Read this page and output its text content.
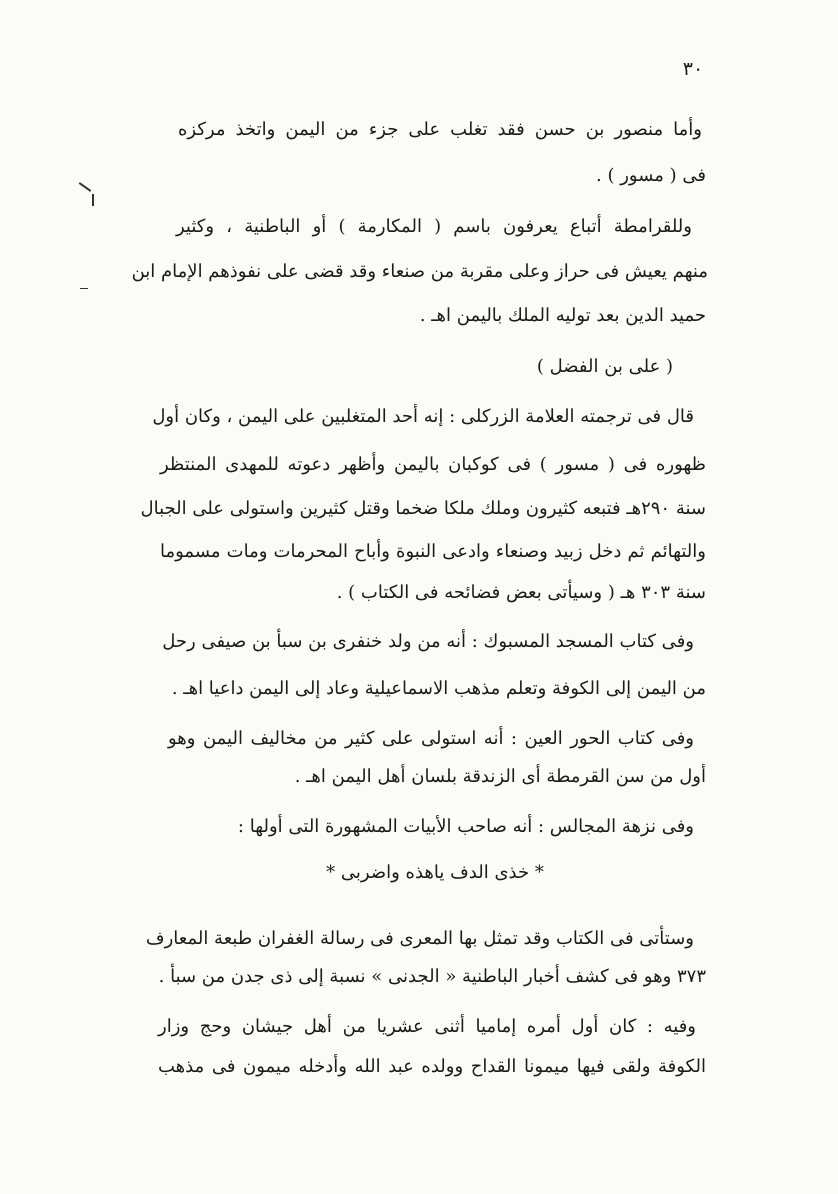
٣٠
وأما منصور بن حسن فقد تغلب على جزء من اليمن واتخذ مركزه
فى ( مسور ) .
وللقرامطة أتباع يعرفون باسم ( المكارمة ) أو الباطنية ، وكثير
منهم يعيش فى حراز وعلى مقربة من صنعاء وقد قضى على نفوذهم الإمام ابن
حميد الدين بعد توليه الملك باليمن اهـ .
( على بن الفضل )
قال فى ترجمته العلامة الزركلى : إنه أحد المتغلبين على اليمن ، وكان أول
ظهوره فى ( مسور ) فى كوكبان باليمن وأظهر دعوته للمهدى المنتظر
سنة ٢٩٠هـ فتبعه كثيرون وملك ملكا ضخما وقتل كثيرين واستولى على الجبال
والتهائم ثم دخل زبيد وصنعاء وادعى النبوة وأباح المحرمات ومات مسموما
سنة ٣٠٣ هـ ( وسيأتى بعض فضائحه فى الكتاب ) .
وفى كتاب المسجد المسبوك : أنه من ولد خنفرى بن سبأ بن صيفى رحل
من اليمن إلى الكوفة وتعلم مذهب الاسماعيلية وعاد إلى اليمن داعيا اهـ .
وفى كتاب الحور العين : أنه استولى على كثير من مخاليف اليمن وهو
أول من سن القرمطة أى الزندقة بلسان أهل اليمن اهـ .
وفى نزهة المجالس : أنه صاحب الأبيات المشهورة التى أولها :
* خذى الدف ياهذه واضربى *
وستأتى فى الكتاب وقد تمثل بها المعرى فى رسالة الغفران طبعة المعارف
٣٧٣ وهو فى كشف أخبار الباطنية « الجدنى » نسبة إلى ذى جدن من سبأ .
وفيه : كان أول أمره إماميا أثنى عشريا من أهل جيشان وحج وزار
الكوفة ولقى فيها ميمونا القداح وولده عبد الله وأدخله ميمون فى مذهب
